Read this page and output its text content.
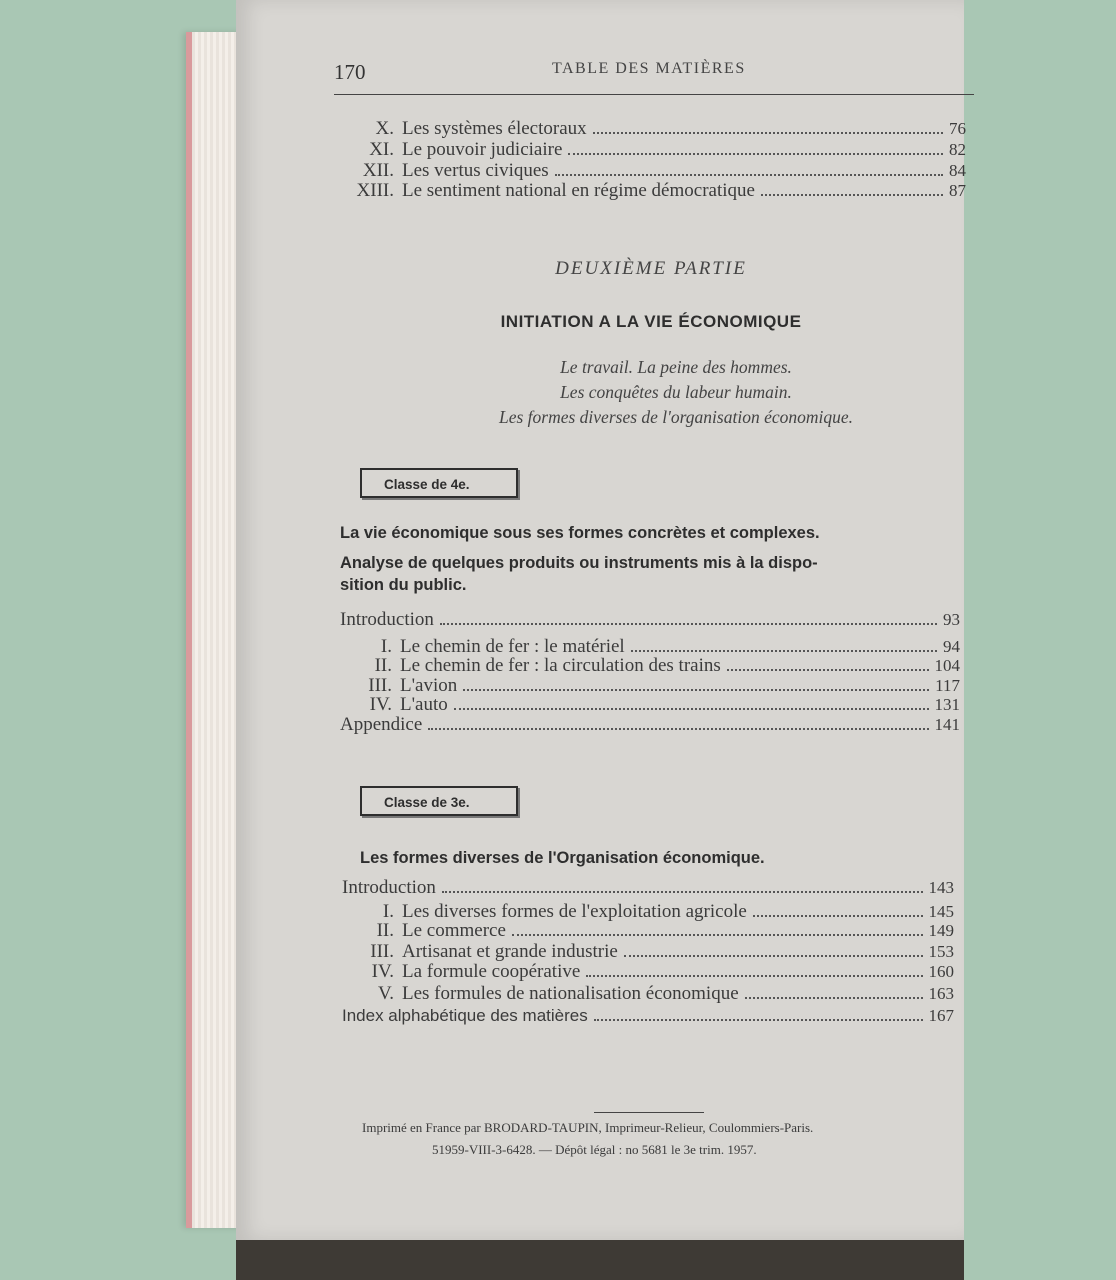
170	TABLE DES MATIÈRES
X. Les systèmes électoraux	76
XI. Le pouvoir judiciaire	82
XII. Les vertus civiques	84
XIII. Le sentiment national en régime démocratique	87
DEUXIÈME PARTIE
INITIATION A LA VIE ÉCONOMIQUE
Le travail. La peine des hommes.
Les conquêtes du labeur humain.
Les formes diverses de l'organisation économique.
Classe de 4e.
La vie économique sous ses formes concrètes et complexes.
Analyse de quelques produits ou instruments mis à la dispo-
sition du public.
Introduction	93
I. Le chemin de fer : le matériel	94
II. Le chemin de fer : la circulation des trains	104
III. L'avion	117
IV. L'auto	131
Appendice	141
Classe de 3e.
Les formes diverses de l'Organisation économique.
Introduction	143
I. Les diverses formes de l'exploitation agricole	145
II. Le commerce	149
III. Artisanat et grande industrie	153
IV. La formule coopérative	160
V. Les formules de nationalisation économique	163
Index alphabétique des matières	167
Imprimé en France par BRODARD-TAUPIN, Imprimeur-Relieur, Coulommiers-Paris.
51959-VIII-3-6428. — Dépôt légal : no 5681 le 3e trim. 1957.
